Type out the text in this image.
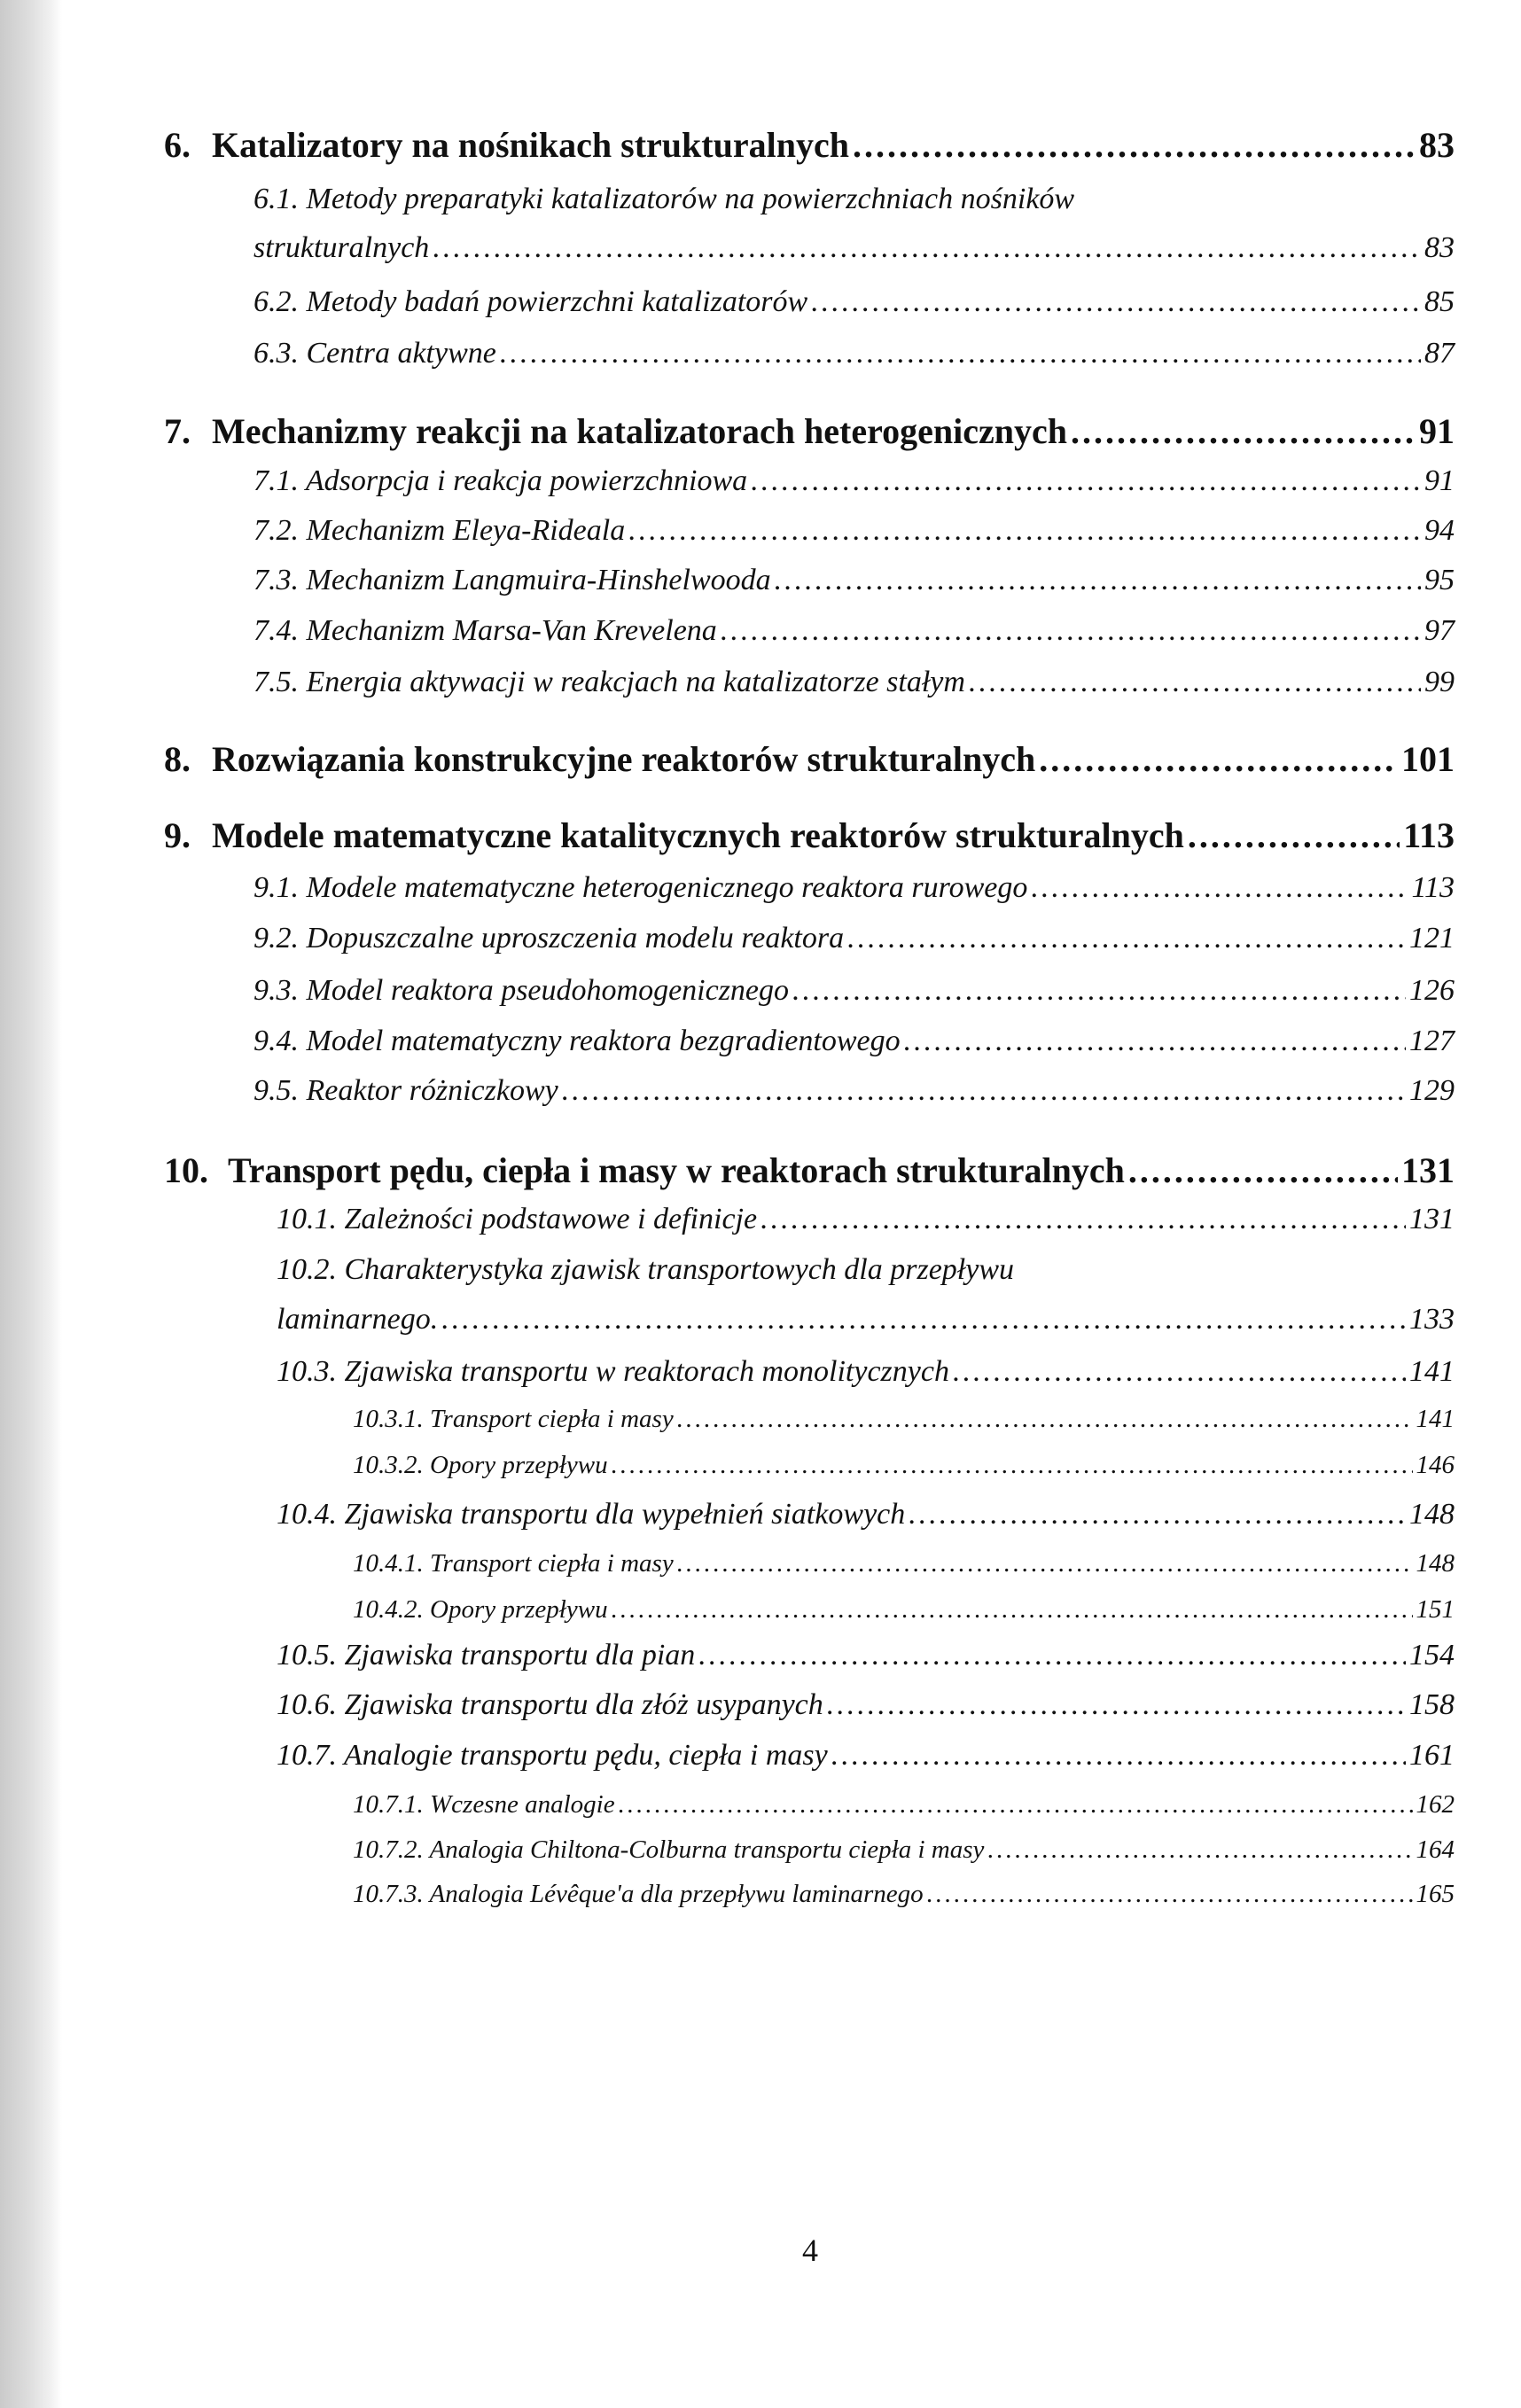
6. Katalizatory na nośnikach strukturalnych .....	83
6.1. Metody preparatyki katalizatorów na powierzchniach nośników
strukturalnych .....	83
6.2. Metody badań powierzchni katalizatorów .....	85
6.3. Centra aktywne .....	87
7. Mechanizmy reakcji na katalizatorach heterogenicznych .....	91
7.1. Adsorpcja i reakcja powierzchniowa .....	91
7.2. Mechanizm Eleya-Rideala .....	94
7.3. Mechanizm Langmuira-Hinshelwooda .....	95
7.4. Mechanizm Marsa-Van Krevelena .....	97
7.5. Energia aktywacji w reakcjach na katalizatorze stałym .....	99
8. Rozwiązania konstrukcyjne reaktorów strukturalnych .....	101
9. Modele matematyczne katalitycznych reaktorów strukturalnych .....	113
9.1. Modele matematyczne heterogenicznego reaktora rurowego .....	113
9.2. Dopuszczalne uproszczenia modelu reaktora .....	121
9.3. Model reaktora pseudohomogenicznego .....	126
9.4. Model matematyczny reaktora bezgradientowego .....	127
9.5. Reaktor różniczkowy .....	129
10. Transport pędu, ciepła i masy w reaktorach strukturalnych .....	131
10.1. Zależności podstawowe i definicje .....	131
10.2. Charakterystyka zjawisk transportowych dla przepływu
laminarnego. .....	133
10.3. Zjawiska transportu w reaktorach monolitycznych .....	141
10.3.1. Transport ciepła i masy .....	141
10.3.2. Opory przepływu .....	146
10.4. Zjawiska transportu dla wypełnień siatkowych .....	148
10.4.1. Transport ciepła i masy .....	148
10.4.2. Opory przepływu .....	151
10.5. Zjawiska transportu dla pian .....	154
10.6. Zjawiska transportu dla złóż usypanych .....	158
10.7. Analogie transportu pędu, ciepła i masy .....	161
10.7.1. Wczesne analogie .....	162
10.7.2. Analogia Chiltona-Colburna transportu ciepła i masy .....	164
10.7.3. Analogia Lévêque'a dla przepływu laminarnego .....	165
4
